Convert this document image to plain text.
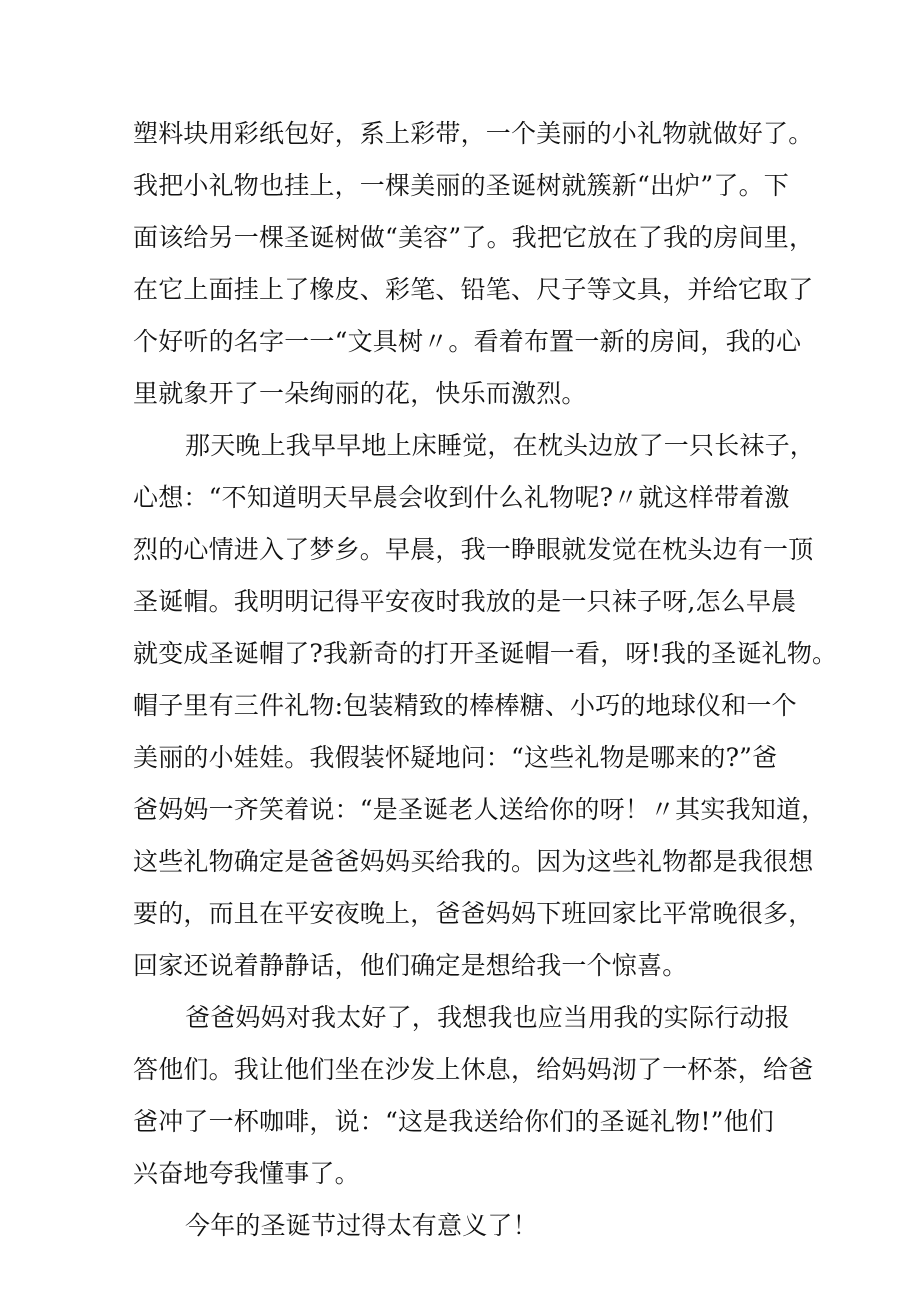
塑料块用彩纸包好，系上彩带，一个美丽的小礼物就做好了。
我把小礼物也挂上，一棵美丽的圣诞树就簇新“出炉”了。下
面该给另一棵圣诞树做“美容”了。我把它放在了我的房间里，
在它上面挂上了橡皮、彩笔、铅笔、尺子等文具，并给它取了
个好听的名字一一“文具树〃。看着布置一新的房间，我的心
里就象开了一朵绚丽的花，快乐而激烈。
那天晚上我早早地上床睡觉，在枕头边放了一只长袜子，
心想：“不知道明天早晨会收到什么礼物呢?〃就这样带着激
烈的心情进入了梦乡。早晨，我一睁眼就发觉在枕头边有一顶
圣诞帽。我明明记得平安夜时我放的是一只袜子呀,怎么早晨
就变成圣诞帽了?我新奇的打开圣诞帽一看，呀!我的圣诞礼物。
帽子里有三件礼物:包装精致的棒棒糖、小巧的地球仪和一个
美丽的小娃娃。我假装怀疑地问：“这些礼物是哪来的?”爸
爸妈妈一齐笑着说：“是圣诞老人送给你的呀！〃其实我知道，
这些礼物确定是爸爸妈妈买给我的。因为这些礼物都是我很想
要的，而且在平安夜晚上，爸爸妈妈下班回家比平常晚很多，
回家还说着静静话，他们确定是想给我一个惊喜。
爸爸妈妈对我太好了，我想我也应当用我的实际行动报
答他们。我让他们坐在沙发上休息，给妈妈沏了一杯茶，给爸
爸冲了一杯咖啡，说：“这是我送给你们的圣诞礼物!”他们
兴奋地夸我懂事了。
今年的圣诞节过得太有意义了！
